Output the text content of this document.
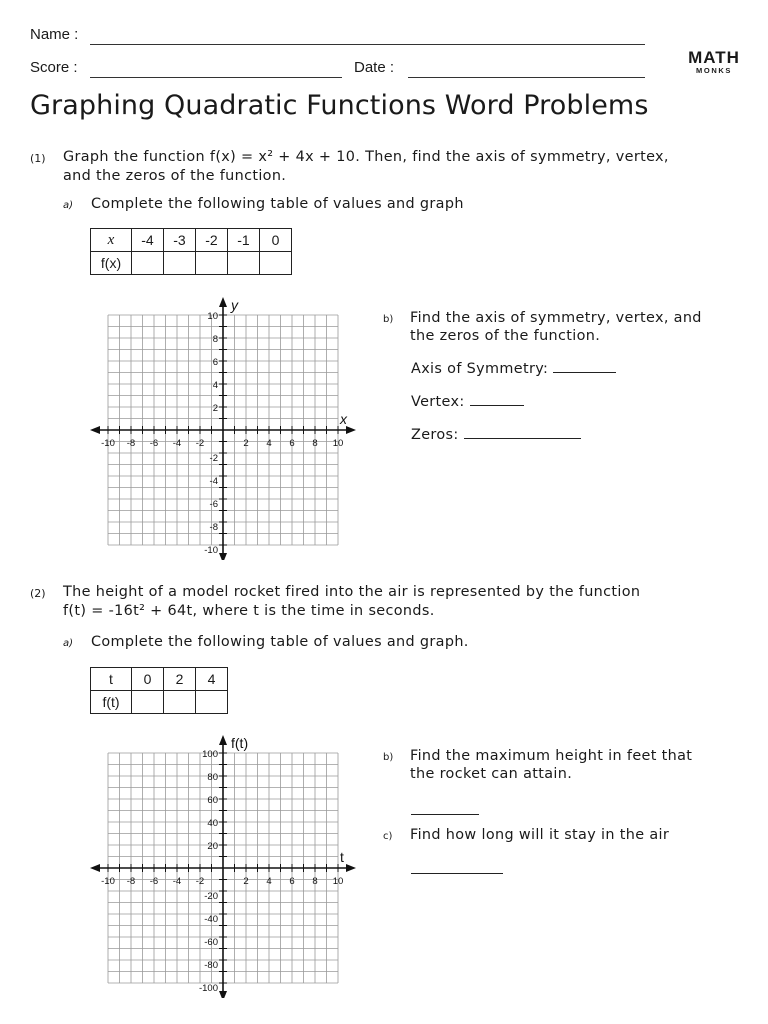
Name :
Score :	Date :
MATH
MONKS
Graphing Quadratic Functions Word Problems
(1) Graph the function f(x) = x² + 4x + 10. Then, find the axis of symmetry, vertex,
and the zeros of the function.
a) Complete the following table of values and graph
x	-4	-3	-2	-1	0
f(x)					
-10 -8 -6 -4 -2	2 4 6 8 10
10
8
6
4
2
-2
-4
-6
-8
-10
x
y
b) Find the axis of symmetry, vertex, and
the zeros of the function.
Axis of Symmetry:
Vertex:
Zeros:
(2) The height of a model rocket fired into the air is represented by the function
f(t) = -16t² + 64t, where t is the time in seconds.
a) Complete the following table of values and graph.
t	0	2	4
f(t)			
-10 -8 -6 -4 -2	2 4 6 8 10
100
80
60
40
20
-20
-40
-60
-80
-100
t
f(t)
b) Find the maximum height in feet that
the rocket can attain.
c) Find how long will it stay in the air
